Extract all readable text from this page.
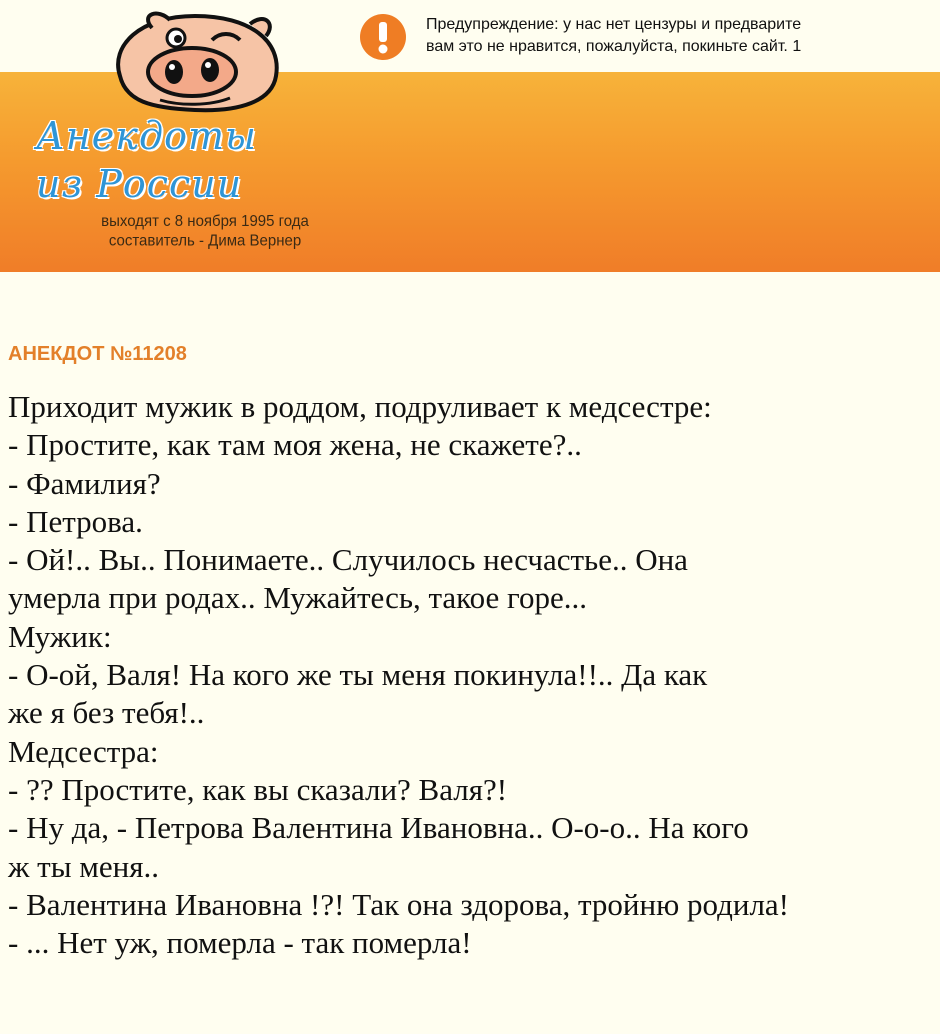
Анекдоты
из России
выходят с 8 ноября 1995 года
составитель - Дима Вернер
Предупреждение: у нас нет цензуры и предварите
вам это не нравится, пожалуйста, покиньте сайт. 1
АНЕКДОТ №11208
Приходит мужик в роддом, подруливает к медсестре:
- Простите, как там моя жена, не скажете?..
- Фамилия?
- Петрова.
- Ой!.. Вы.. Понимаете.. Случилось несчастье.. Она
умерла при родах.. Мужайтесь, такое горе...
Мужик:
- О-ой, Валя! На кого же ты меня покинула!!.. Да как
же я без тебя!..
Медсестра:
- ?? Простите, как вы сказали? Валя?!
- Ну да, - Петрова Валентина Ивановна.. О-о-о.. На кого
ж ты меня..
- Валентина Ивановна !?! Так она здорова, тройню родила!
- ... Нет уж, померла - так померла!
